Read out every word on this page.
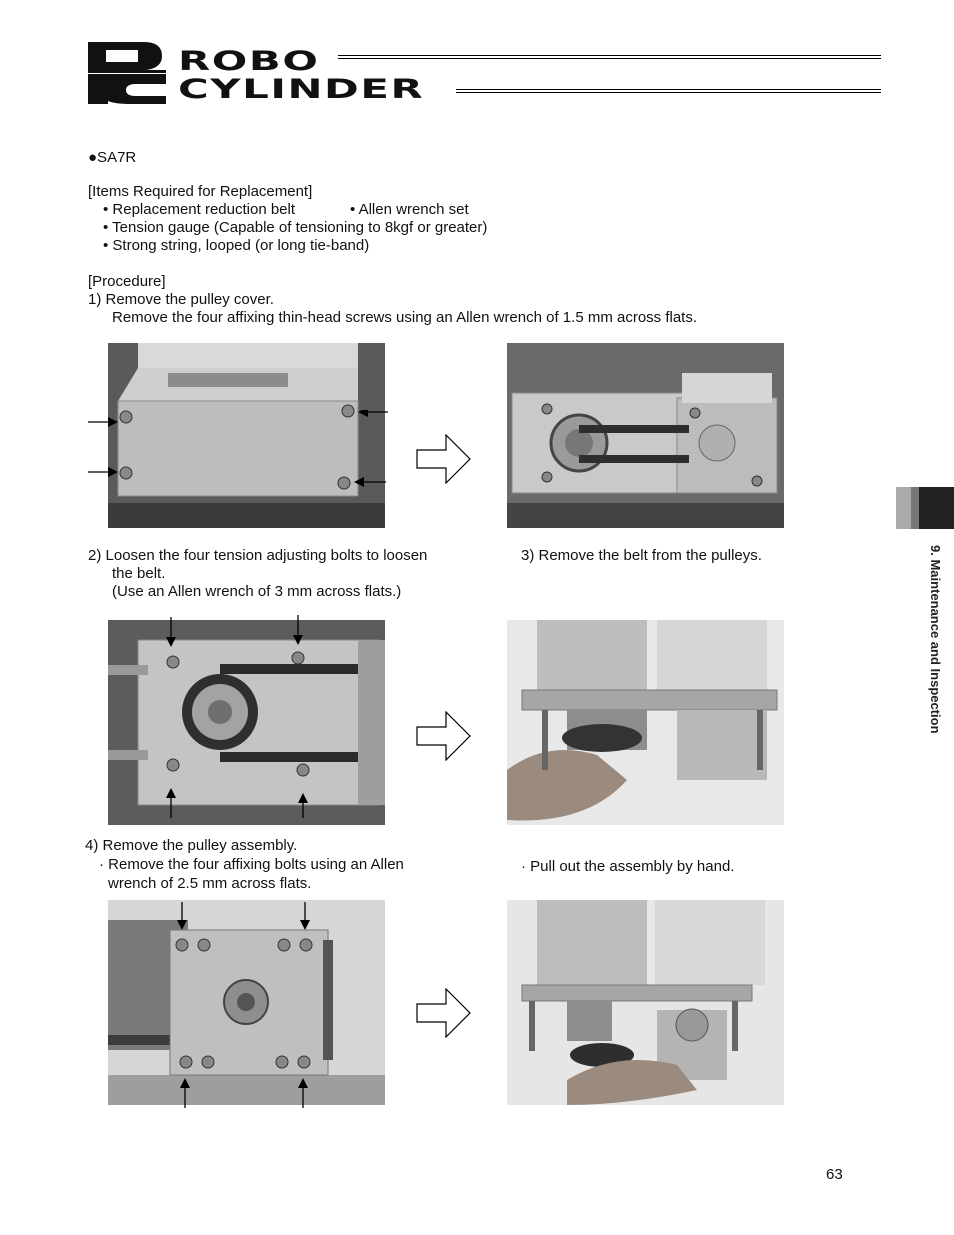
ROBO
CYLINDER
●SA7R
[Items Required for Replacement]
• Replacement reduction belt	• Allen wrench set
• Tension gauge (Capable of tensioning to 8kgf or greater)
• Strong string, looped (or long tie-band)
[Procedure]
1) Remove the pulley cover.
Remove the four affixing thin-head screws using an Allen wrench of 1.5 mm across flats.
2) Loosen the four tension adjusting bolts to loosen
the belt.
(Use an Allen wrench of 3 mm across flats.)
3) Remove the belt from the pulleys.
4) Remove the pulley assembly.
· Remove the four affixing bolts using an Allen
wrench of 2.5 mm across flats.
· Pull out the assembly by hand.
9. Maintenance and Inspection
63
